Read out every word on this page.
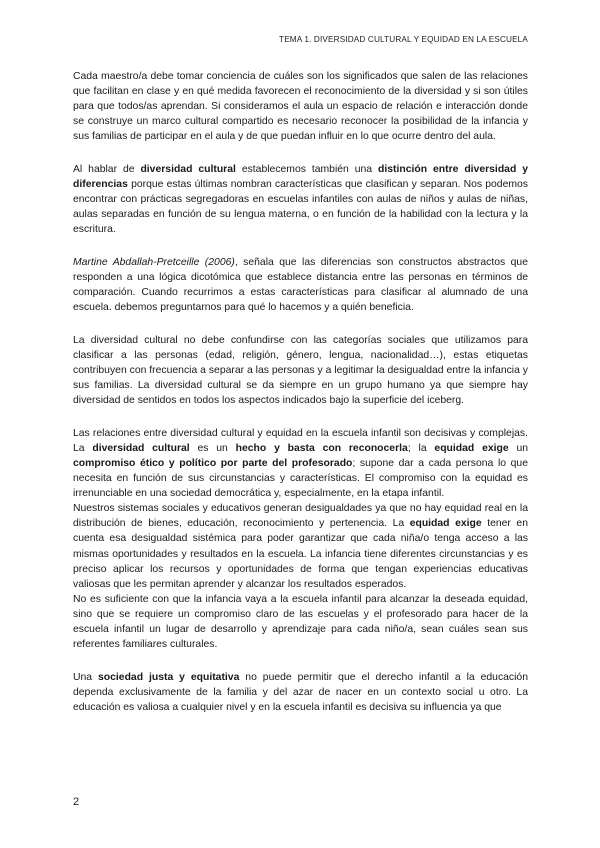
TEMA 1. DIVERSIDAD CULTURAL Y EQUIDAD EN LA ESCUELA

Cada maestro/a debe tomar conciencia de cuáles son los significados que salen de las relaciones que facilitan en clase y en qué medida favorecen el reconocimiento de la diversidad y si son útiles para que todos/as aprendan. Si consideramos el aula un espacio de relación e interacción donde se construye un marco cultural compartido es necesario reconocer la posibilidad de la infancia y sus familias de participar en el aula y de que puedan influir en lo que ocurre dentro del aula.

Al hablar de diversidad cultural establecemos también una distinción entre diversidad y diferencias porque estas últimas nombran características que clasifican y separan. Nos podemos encontrar con prácticas segregadoras en escuelas infantiles con aulas de niños y aulas de niñas, aulas separadas en función de su lengua materna, o en función de la habilidad con la lectura y la escritura.

Martine Abdallah-Pretceille (2006), señala que las diferencias son constructos abstractos que responden a una lógica dicotómica que establece distancia entre las personas en términos de comparación. Cuando recurrimos a estas características para clasificar al alumnado de una escuela. debemos preguntarnos para qué lo hacemos y a quién beneficia.

La diversidad cultural no debe confundirse con las categorías sociales que utilizamos para clasificar a las personas (edad, religión, género, lengua, nacionalidad…), estas etiquetas contribuyen con frecuencia a separar a las personas y a legitimar la desigualdad entre la infancia y sus familias. La diversidad cultural se da siempre en un grupo humano ya que siempre hay diversidad de sentidos en todos los aspectos indicados bajo la superficie del iceberg.

Las relaciones entre diversidad cultural y equidad en la escuela infantil son decisivas y complejas. La diversidad cultural es un hecho y basta con reconocerla; la equidad exige un compromiso ético y político por parte del profesorado; supone dar a cada persona lo que necesita en función de sus circunstancias y características. El compromiso con la equidad es irrenunciable en una sociedad democrática y, especialmente, en la etapa infantil.

Nuestros sistemas sociales y educativos generan desigualdades ya que no hay equidad real en la distribución de bienes, educación, reconocimiento y pertenencia. La equidad exige tener en cuenta esa desigualdad sistémica para poder garantizar que cada niña/o tenga acceso a las mismas oportunidades y resultados en la escuela. La infancia tiene diferentes circunstancias y es preciso aplicar los recursos y oportunidades de forma que tengan experiencias educativas valiosas que les permitan aprender y alcanzar los resultados esperados.

No es suficiente con que la infancia vaya a la escuela infantil para alcanzar la deseada equidad, sino que se requiere un compromiso claro de las escuelas y el profesorado para hacer de la escuela infantil un lugar de desarrollo y aprendizaje para cada niño/a, sean cuáles sean sus referentes familiares culturales.

Una sociedad justa y equitativa no puede permitir que el derecho infantil a la educación dependa exclusivamente de la familia y del azar de nacer en un contexto social u otro. La educación es valiosa a cualquier nivel y en la escuela infantil es decisiva su influencia ya que

2
